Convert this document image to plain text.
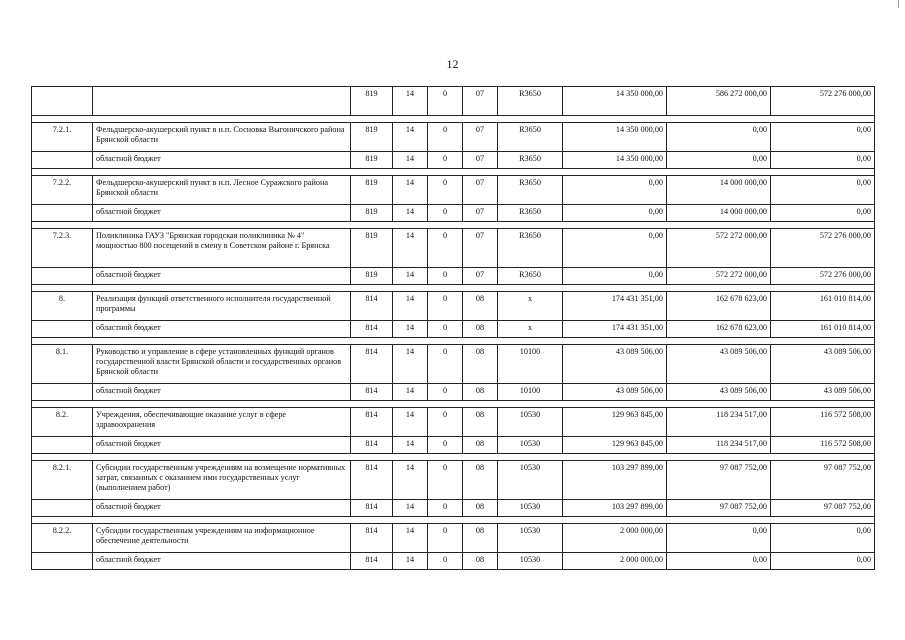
12
		819	14	0	07	R3650	14 350 000,00	586 272 000,00	572 276 000,00

7.2.1.	Фельдшерско-акушерский пункт в н.п. Сосновка Выгоничского района Брянской области	819	14	0	07	R3650	14 350 000,00	0,00	0,00
	областной бюджет	819	14	0	07	R3650	14 350 000,00	0,00	0,00

7.2.2.	Фельдшерско-акушерский пункт в н.п. Лесное Суражского района Брянской области	819	14	0	07	R3650	0,00	14 000 000,00	0,00
	областной бюджет	819	14	0	07	R3650	0,00	14 000 000,00	0,00

7.2.3.	Поликлиника ГАУЗ "Брянская городская поликлиника № 4" мощностью 800 посещений в смену в Советском районе г. Брянска	819	14	0	07	R3650	0,00	572 272 000,00	572 276 000,00
	областной бюджет	819	14	0	07	R3650	0,00	572 272 000,00	572 276 000,00

8.	Реализация функций ответственного исполнителя государственной программы	814	14	0	08	х	174 431 351,00	162 678 623,00	161 010 814,00
	областной бюджет	814	14	0	08	х	174 431 351,00	162 678 623,00	161 010 814,00

8.1.	Руководство и управление в сфере установленных функций органов государственной власти Брянской области и государственных органов Брянской области	814	14	0	08	10100	43 089 506,00	43 089 506,00	43 089 506,00
	областной бюджет	814	14	0	08	10100	43 089 506,00	43 089 506,00	43 089 506,00

8.2.	Учреждения, обеспечивающие оказание услуг в сфере здравоохранения	814	14	0	08	10530	129 963 845,00	118 234 517,00	116 572 508,00
	областной бюджет	814	14	0	08	10530	129 963 845,00	118 234 517,00	116 572 508,00

8.2.1.	Субсидии государственным учреждениям на возмещение нормативных затрат, связанных с оказанием ими государственных услуг (выполнением работ)	814	14	0	08	10530	103 297 899,00	97 087 752,00	97 087 752,00
	областной бюджет	814	14	0	08	10530	103 297 899,00	97 087 752,00	97 087 752,00

8.2.2.	Субсидии государственным учреждениям на информационное обеспечение деятельности	814	14	0	08	10530	2 000 000,00	0,00	0,00
	областной бюджет	814	14	0	08	10530	2 000 000,00	0,00	0,00
